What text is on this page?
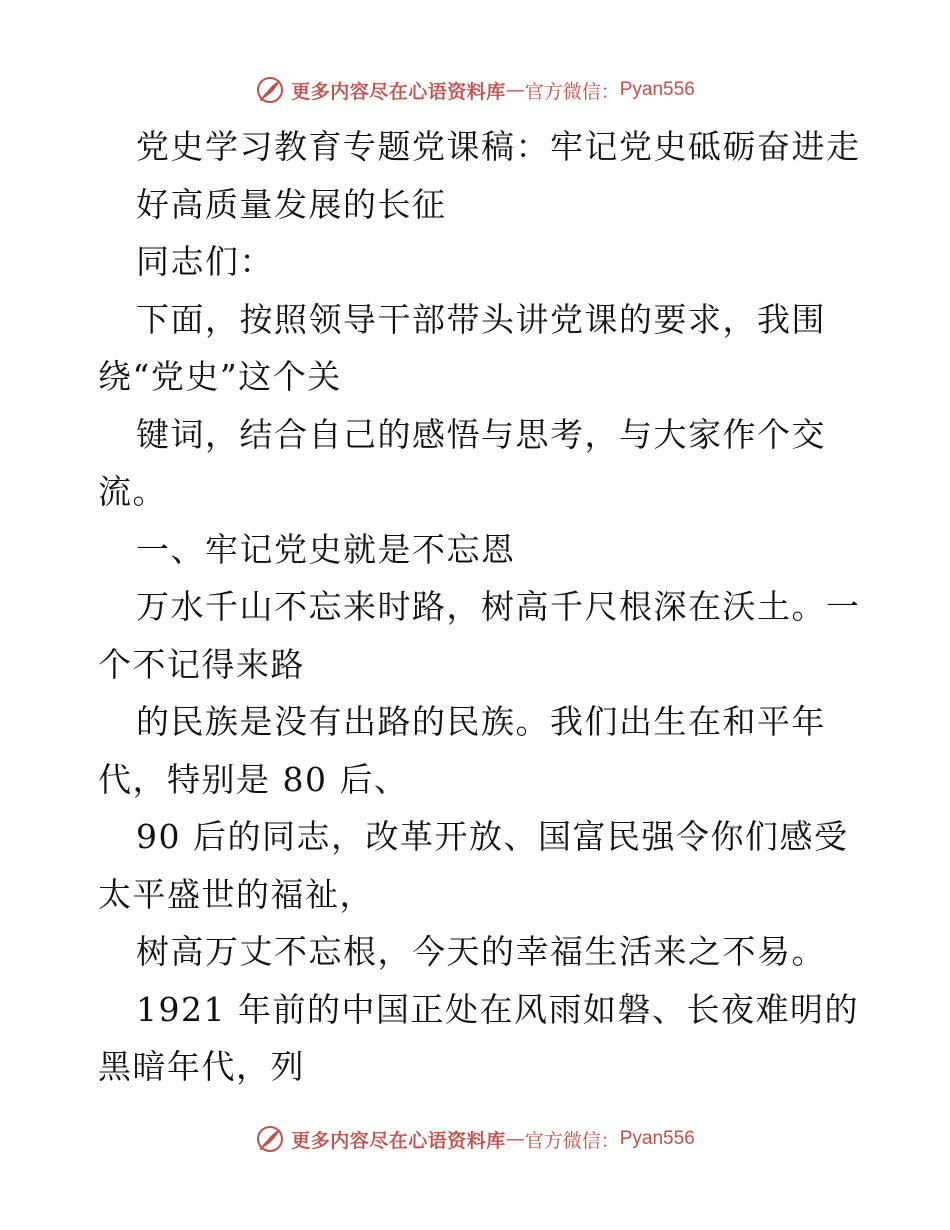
更多内容尽在心语资料库 — 官方微信： Pyan556
党史学习教育专题党课稿：牢记党史砥砺奋进走
好高质量发展的长征
同志们：
下面，按照领导干部带头讲党课的要求，我围
绕“党史”这个关
键词，结合自己的感悟与思考，与大家作个交
流。
一、牢记党史就是不忘恩
万水千山不忘来时路，树高千尺根深在沃土。一
个不记得来路
的民族是没有出路的民族。我们出生在和平年
代，特别是 80 后、
90 后的同志，改革开放、国富民强令你们感受
太平盛世的福祉，
树高万丈不忘根，今天的幸福生活来之不易。
1921 年前的中国正处在风雨如磐、长夜难明的
黑暗年代，列
更多内容尽在心语资料库 — 官方微信： Pyan556
